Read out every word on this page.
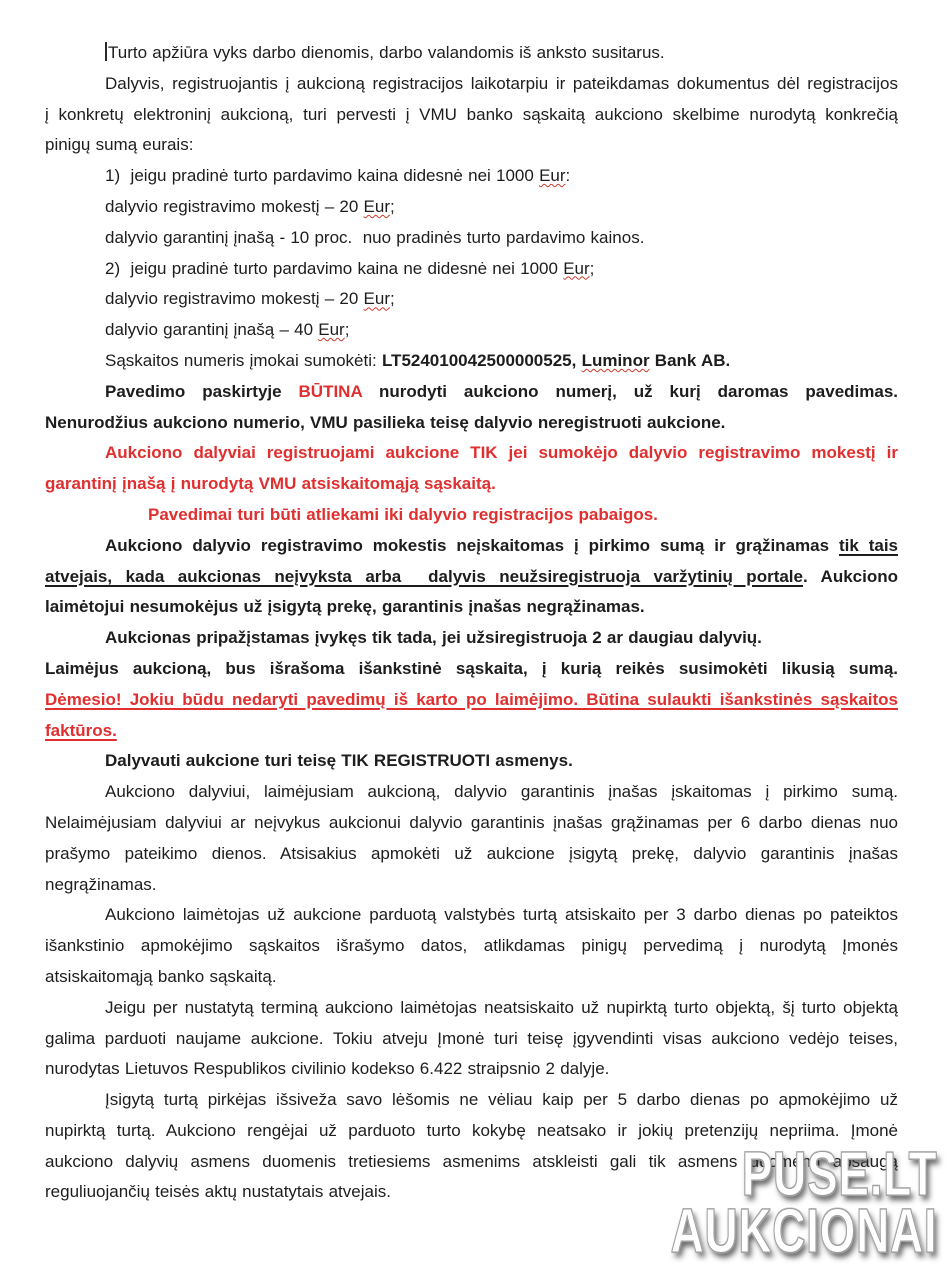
Turto apžiūra vyks darbo dienomis, darbo valandomis iš anksto susitarus.
Dalyvis, registruojantis į aukcioną registracijos laikotarpiu ir pateikdamas dokumentus dėl registracijos
į konkretų elektroninį aukcioną, turi pervesti į VMU banko sąskaitą aukciono skelbime nurodytą konkrečią
pinigų sumą eurais:
1)  jeigu pradinė turto pardavimo kaina didesnė nei 1000 Eur:
dalyvio registravimo mokestį – 20 Eur;
dalyvio garantinį įnašą - 10 proc.  nuo pradinės turto pardavimo kainos.
2)  jeigu pradinė turto pardavimo kaina ne didesnė nei 1000 Eur;
dalyvio registravimo mokestį – 20 Eur;
dalyvio garantinį įnašą – 40 Eur;
Sąskaitos numeris įmokai sumokėti: LT524010042500000525, Luminor Bank AB.
Pavedimo paskirtyje BŪTINA nurodyti aukciono numerį, už kurį daromas pavedimas.
Nenurodžius aukciono numerio, VMU pasilieka teisę dalyvio neregistruoti aukcione.
Aukciono dalyviai registruojami aukcione TIK jei sumokėjo dalyvio registravimo mokestį ir
garantinį įnašą į nurodytą VMU atsiskaitomąją sąskaitą.
Pavedimai turi būti atliekami iki dalyvio registracijos pabaigos.
Aukciono dalyvio registravimo mokestis neįskaitomas į pirkimo sumą ir grąžinamas tik tais
atvejais, kada aukcionas neįvyksta arba  dalyvis neužsiregistruoja varžytinių portale. Aukciono
laimėtojui nesumokėjus už įsigytą prekę, garantinis įnašas negrąžinamas.
Aukcionas pripažįstamas įvykęs tik tada, jei užsiregistruoja 2 ar daugiau dalyvių.
Laimėjus aukcioną, bus išrašoma išankstinė sąskaita, į kurią reikės susimokėti likusią sumą.
Dėmesio! Jokiu būdu nedaryti pavedimų iš karto po laimėjimo. Būtina sulaukti išankstinės sąskaitos
faktūros.
Dalyvauti aukcione turi teisę TIK REGISTRUOTI asmenys.
Aukciono dalyviui, laimėjusiam aukcioną, dalyvio garantinis įnašas įskaitomas į pirkimo sumą.
Nelaimėjusiam dalyviui ar neįvykus aukcionui dalyvio garantinis įnašas grąžinamas per 6 darbo dienas nuo
prašymo pateikimo dienos. Atsisakius apmokėti už aukcione įsigytą prekę, dalyvio garantinis įnašas
negrąžinamas.
Aukciono laimėtojas už aukcione parduotą valstybės turtą atsiskaito per 3 darbo dienas po pateiktos
išankstinio apmokėjimo sąskaitos išrašymo datos, atlikdamas pinigų pervedimą į nurodytą Įmonės
atsiskaitomąją banko sąskaitą.
Jeigu per nustatytą terminą aukciono laimėtojas neatsiskaito už nupirktą turto objektą, šį turto objektą
galima parduoti naujame aukcione. Tokiu atveju Įmonė turi teisę įgyvendinti visas aukciono vedėjo teises,
nurodytas Lietuvos Respublikos civilinio kodekso 6.422 straipsnio 2 dalyje.
Įsigytą turtą pirkėjas išsiveža savo lėšomis ne vėliau kaip per 5 darbo dienas po apmokėjimo už
nupirktą turtą. Aukciono rengėjai už parduoto turto kokybę neatsako ir jokių pretenzijų nepriima. Įmonė
aukciono dalyvių asmens duomenis tretiesiems asmenims atskleisti gali tik asmens duomenų apsaugą
reguliuojančių teisės aktų nustatytais atvejais.	PUSE.LT
AUKCIONAI
